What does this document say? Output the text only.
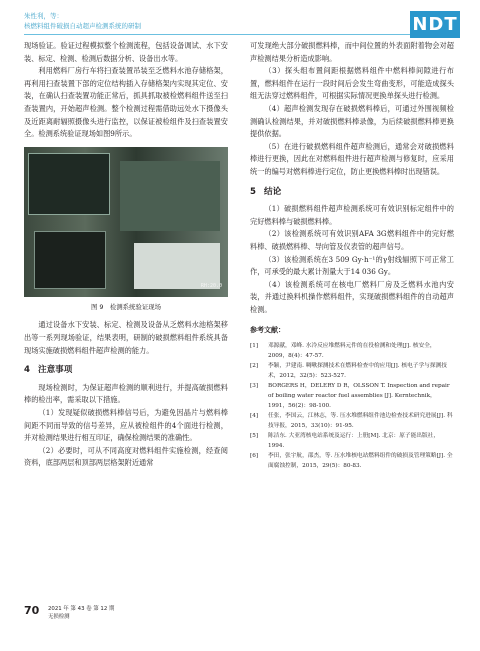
朱性利，等：
核燃料组件破损自动超声检测系统的研制	NDT

现场验证。验证过程模拟整个检测流程，包括设备调试、水下安装、标定、检测、检测后数据分析、设备出水等。

利用燃料厂房行车将扫查装置吊装至乏燃料水池存储格架，再利用扫查装置下部的定位结构插入存储格架内实现其定位、安装，在确认扫查装置功能正常后，抓具抓取被检燃料组件送至扫查装置内，开始超声检测。整个检测过程需借助远处水下摄像头及近距离耐辐照摄像头进行监控，以保证被检组件及扫查装置安全。检测系统验证现场如图9所示。

RH:20.0
图 9　检测系统验证现场

通过设备水下安装、标定、检测及设备从乏燃料水池格架移出等一系列现场验证，结果表明，研制的破损燃料组件系统具备现场实施破损燃料组件超声检测的能力。

4 注意事项

现场检测时，为保证超声检测的顺利进行，并提高破损燃料棒的检出率，需采取以下措施。

（1）发现疑似破损燃料棒信号后，为避免因晶片与燃料棒间距不同而导致的信号差异，应从被检组件的4个面进行检测，并对检测结果进行相互印证，确保检测结果的准确性。

（2）必要时，可从不同高度对燃料组件实施检测，经查阅资料，底部两层和顶部两层格架附近通常

可发现绝大部分破损燃料棒，而中间位置的外表面附着物会对超声检测结果分析造成影响。

（3）探头组布置间距根据燃料组件中燃料棒间隙进行布置，燃料组件在运行一段时间后会发生弯曲变形，可能造成探头组无法穿过燃料组件，可根据实际情况更换单探头进行检测。

（4）超声检测发现存在破损燃料棒后，可通过外围视频检测确认检测结果，并对破损燃料棒录像，为后续破损燃料棒更换提供依据。

（5）在进行破损燃料组件超声检测后，通常会对破损燃料棒进行更换，因此在对燃料组件进行超声检测与修复时，应采用统一的编号对燃料棒进行定位，防止更换燃料棒时出现错误。

5 结论

（1）破损燃料组件超声检测系统可有效识别标定组件中的完好燃料棒与破损燃料棒。

（2）该检测系统可有效识别AFA 3G燃料组件中的完好燃料棒、破损燃料棒、导向管及仪表管的超声信号。

（3）该检测系统在3 509 Gy·h⁻¹的γ射线辐照下可正常工作，可承受的最大累计剂量大于14 036 Gy。

（4）该检测系统可在核电厂燃料厂房及乏燃料水池内安装，并通过换料机操作燃料组件，实现破损燃料组件的自动超声检测。

参考文献：
[1]	邓源献，邓峰. 水冷反应堆燃料元件的在役检测和处理[J]. 核安全，2009，8(4)：47-57.
[2]	李颖，尹建南. 啁啾探测技术在燃料检查中的应用[J]. 核电子学与探测技术，2012，32(5)：523-527.
[3]	BORGERS H，DELERY D R，OLSSON T. Inspection and repair of boiling water reactor fuel assemblies [J]. Kerntechnik，1991，56(2)：98-100.
[4]	任张，李国云，江林志，等. 压水堆燃料组件池边检查技术研究进展[J]. 科技导报，2015，33(10)：91-95.
[5]	陈洁东. 大亚湾核电站系统及运行：上册[M]. 北京：原子能出版社，1994.
[6]	李田，张宇航，邵杰，等. 压水堆核电站燃料组件的破损及管理策略[J]. 全面腐蚀控制，2015，29(5)：80-83.
70 2021 年 第 43 卷 第 12 期
无损检测
